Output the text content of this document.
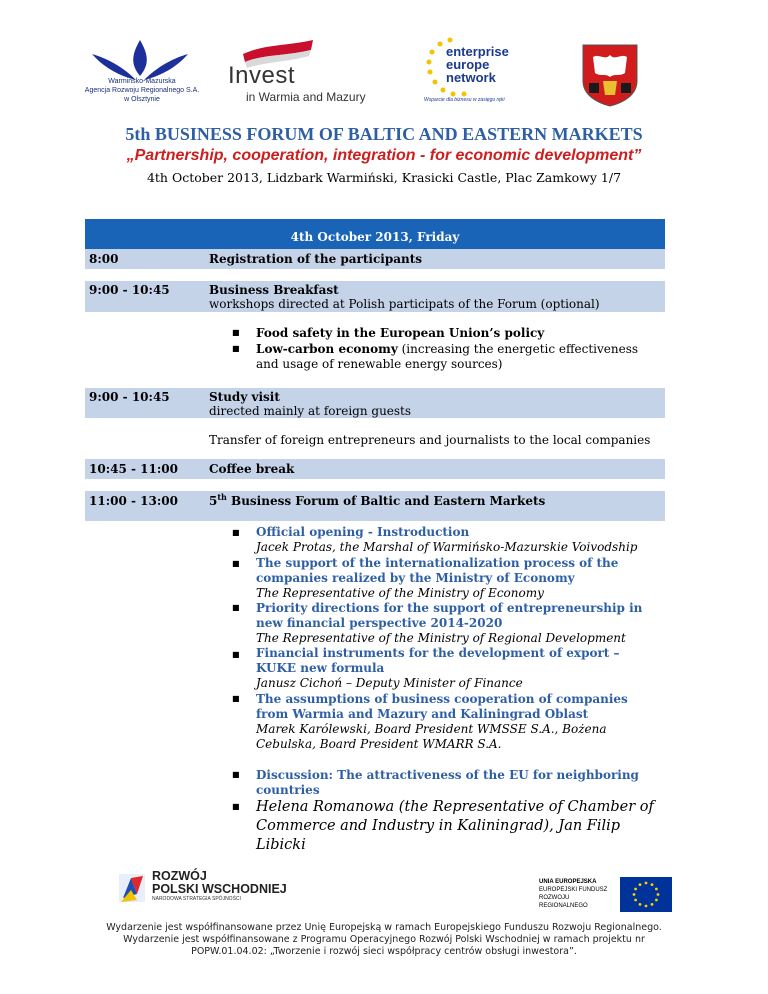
Warmińsko-Mazurska
Agencja Rozwoju Regionalnego S.A.
w Olsztynie
Invest
in Warmia and Mazury
enterprise
europe
network
Wsparcie dla biznesu w zasięgu ręki
5th BUSINESS FORUM OF BALTIC AND EASTERN MARKETS
„Partnership, cooperation, integration - for economic development”
4th October 2013, Lidzbark Warmiński, Krasicki Castle, Plac Zamkowy 1/7
4th October 2013, Friday
8:00	Registration of the participants
9:00 - 10:45	Business Breakfast
workshops directed at Polish participats of the Forum (optional)
■ Food safety in the European Union’s policy
■ Low-carbon economy (increasing the energetic effectiveness and usage of renewable energy sources)
9:00 - 10:45	Study visit
directed mainly at foreign guests
Transfer of foreign entrepreneurs and journalists to the local companies
10:45 - 11:00	Coffee break
11:00 - 13:00	5th Business Forum of Baltic and Eastern Markets
■ Official opening - Instroduction
Jacek Protas, the Marshal of Warmińsko-Mazurskie Voivodship
■ The support of the internationalization process of the companies realized by the Ministry of Economy
The Representative of the Ministry of Economy
■ Priority directions for the support of entrepreneurship in new financial perspective 2014-2020
The Representative of the Ministry of Regional Development
■ Financial instruments for the development of export – KUKE new formula
Janusz Cichoń – Deputy Minister of Finance
■ The assumptions of business cooperation of companies from Warmia and Mazury and Kaliningrad Oblast
Marek Karólewski, Board President WMSSE S.A., Bożena Cebulska, Board President WMARR S.A.
■ Discussion: The attractiveness of the EU for neighboring countries
■ Helena Romanowa (the Representative of Chamber of Commerce and Industry in Kaliningrad), Jan Filip Libicki
ROZWÓJ
POLSKI WSCHODNIEJ
NARODOWA STRATEGIA SPÓJNOŚCI
UNIA EUROPEJSKA
EUROPEJSKI FUNDUSZ
ROZWOJU REGIONALNEGO
Wydarzenie jest współfinansowane przez Unię Europejską w ramach Europejskiego Funduszu Rozwoju Regionalnego.
Wydarzenie jest współfinansowane z Programu Operacyjnego Rozwój Polski Wschodniej w ramach projektu nr
POPW.01.04.02: „Tworzenie i rozwój sieci współpracy centrów obsługi inwestora”.
